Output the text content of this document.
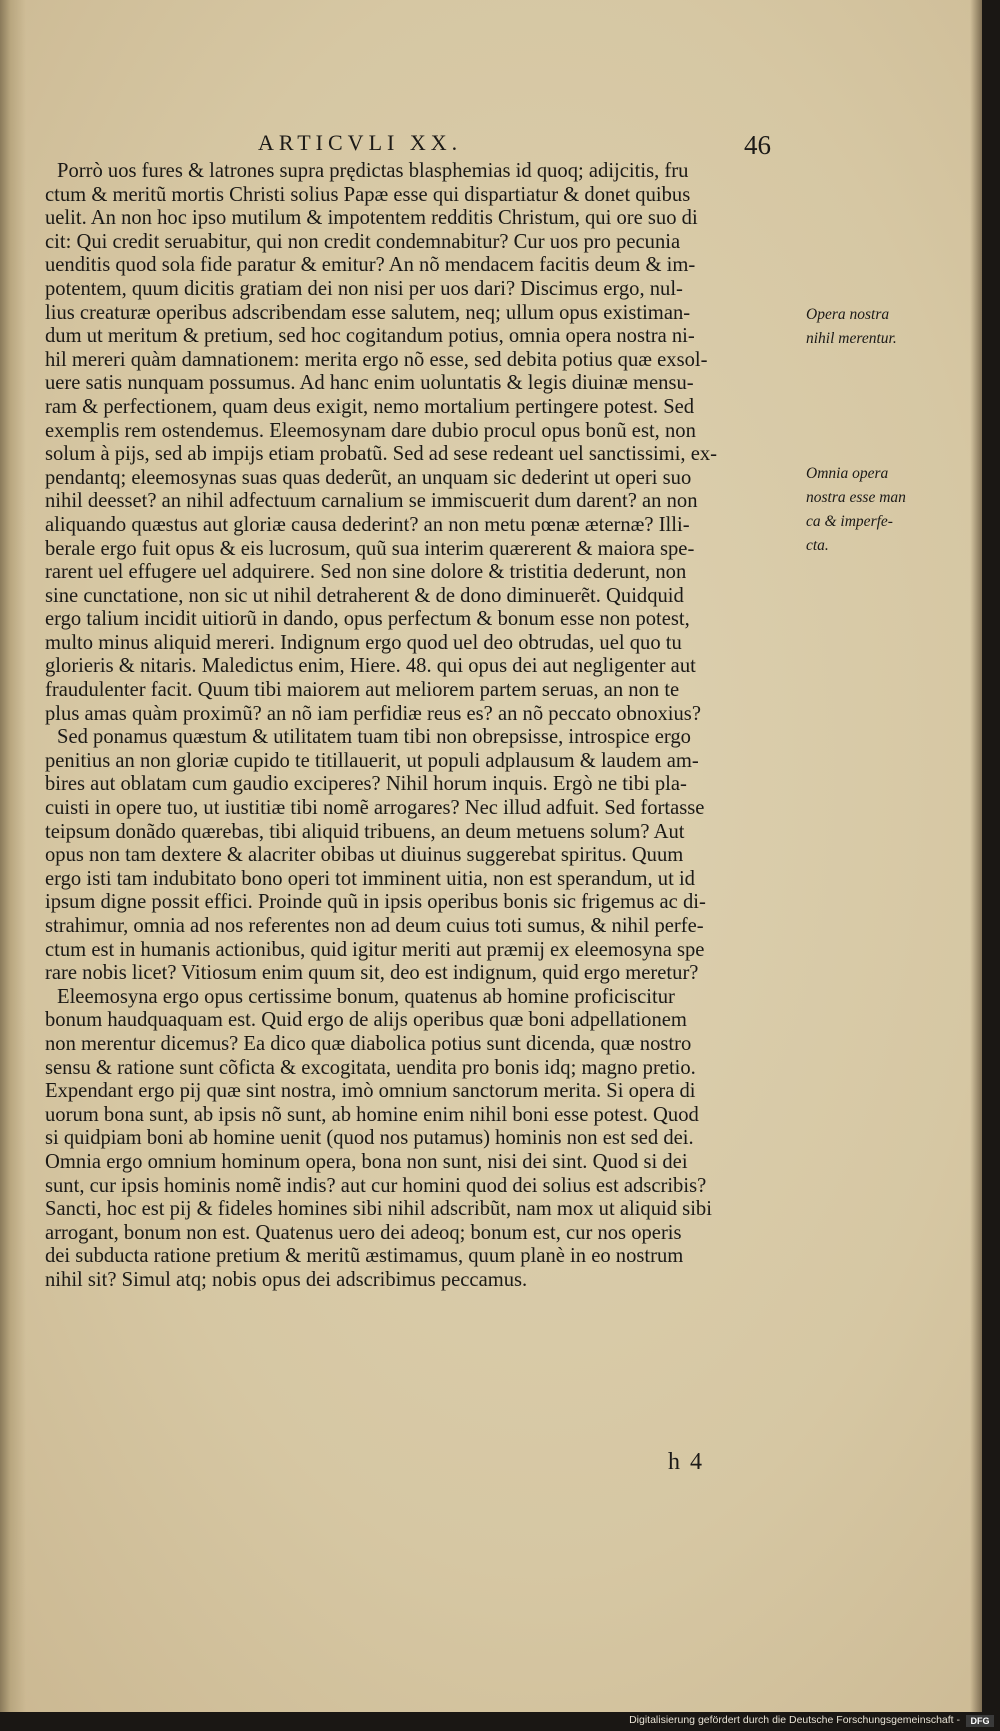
ARTICVLI XX.	46
Porrò uos fures & latrones supra prędictas blasphemias id quoq; adijcitis, fru
ctum & meritũ mortis Christi solius Papæ esse qui dispartiatur & donet quibus
uelit. An non hoc ipso mutilum & impotentem redditis Christum, qui ore suo di
cit: Qui credit seruabitur, qui non credit condemnabitur? Cur uos pro pecunia
uenditis quod sola fide paratur & emitur? An nõ mendacem facitis deum & im-
potentem, quum dicitis gratiam dei non nisi per uos dari? Discimus ergo, nul-
lius creaturæ operibus adscribendam esse salutem, neq; ullum opus existiman-
dum ut meritum & pretium, sed hoc cogitandum potius, omnia opera nostra ni-
hil mereri quàm damnationem: merita ergo nõ esse, sed debita potius quæ exsol-
uere satis nunquam possumus. Ad hanc enim uoluntatis & legis diuinæ mensu-
ram & perfectionem, quam deus exigit, nemo mortalium pertingere potest. Sed
exemplis rem ostendemus. Eleemosynam dare dubio procul opus bonũ est, non
solum à pijs, sed ab impijs etiam probatũ. Sed ad sese redeant uel sanctissimi, ex-
pendantq; eleemosynas suas quas dederũt, an unquam sic dederint ut operi suo
nihil deesset? an nihil adfectuum carnalium se immiscuerit dum darent? an non
aliquando quæstus aut gloriæ causa dederint? an non metu pœnæ æternæ? Illi-
berale ergo fuit opus & eis lucrosum, quũ sua interim quærerent & maiora spe-
rarent uel effugere uel adquirere. Sed non sine dolore & tristitia dederunt, non
sine cunctatione, non sic ut nihil detraherent & de dono diminuerẽt. Quidquid
ergo talium incidit uitiorũ in dando, opus perfectum & bonum esse non potest,
multo minus aliquid mereri. Indignum ergo quod uel deo obtrudas, uel quo tu
glorieris & nitaris. Maledictus enim, Hiere. 48. qui opus dei aut negligenter aut
fraudulenter facit. Quum tibi maiorem aut meliorem partem seruas, an non te
plus amas quàm proximũ? an nõ iam perfidiæ reus es? an nõ peccato obnoxius?
Sed ponamus quæstum & utilitatem tuam tibi non obrepsisse, introspice ergo
penitius an non gloriæ cupido te titillauerit, ut populi adplausum & laudem am-
bires aut oblatam cum gaudio exciperes? Nihil horum inquis. Ergò ne tibi pla-
cuisti in opere tuo, ut iustitiæ tibi nomẽ arrogares? Nec illud adfuit. Sed fortasse
teipsum donãdo quærebas, tibi aliquid tribuens, an deum metuens solum? Aut
opus non tam dextere & alacriter obibas ut diuinus suggerebat spiritus. Quum
ergo isti tam indubitato bono operi tot imminent uitia, non est sperandum, ut id
ipsum digne possit effici. Proinde quũ in ipsis operibus bonis sic frigemus ac di-
strahimur, omnia ad nos referentes non ad deum cuius toti sumus, & nihil perfe-
ctum est in humanis actionibus, quid igitur meriti aut præmij ex eleemosyna spe
rare nobis licet? Vitiosum enim quum sit, deo est indignum, quid ergo meretur?
Eleemosyna ergo opus certissime bonum, quatenus ab homine proficiscitur
bonum haudquaquam est. Quid ergo de alijs operibus quæ boni adpellationem
non merentur dicemus? Ea dico quæ diabolica potius sunt dicenda, quæ nostro
sensu & ratione sunt cõficta & excogitata, uendita pro bonis idq; magno pretio.
Expendant ergo pij quæ sint nostra, imò omnium sanctorum merita. Si opera di
uorum bona sunt, ab ipsis nõ sunt, ab homine enim nihil boni esse potest. Quod
si quidpiam boni ab homine uenit (quod nos putamus) hominis non est sed dei.
Omnia ergo omnium hominum opera, bona non sunt, nisi dei sint. Quod si dei
sunt, cur ipsis hominis nomẽ indis? aut cur homini quod dei solius est adscribis?
Sancti, hoc est pij & fideles homines sibi nihil adscribũt, nam mox ut aliquid sibi
arrogant, bonum non est. Quatenus uero dei adeoq; bonum est, cur nos operis
dei subducta ratione pretium & meritũ æstimamus, quum planè in eo nostrum
nihil sit? Simul atq; nobis opus dei adscribimus peccamus.
Opera nostra
nihil merentur.
Omnia opera
nostra esse man
ca & imperfe-
cta.
h 4
Digitalisierung gefördert durch die Deutsche Forschungsgemeinschaft -	DFG
